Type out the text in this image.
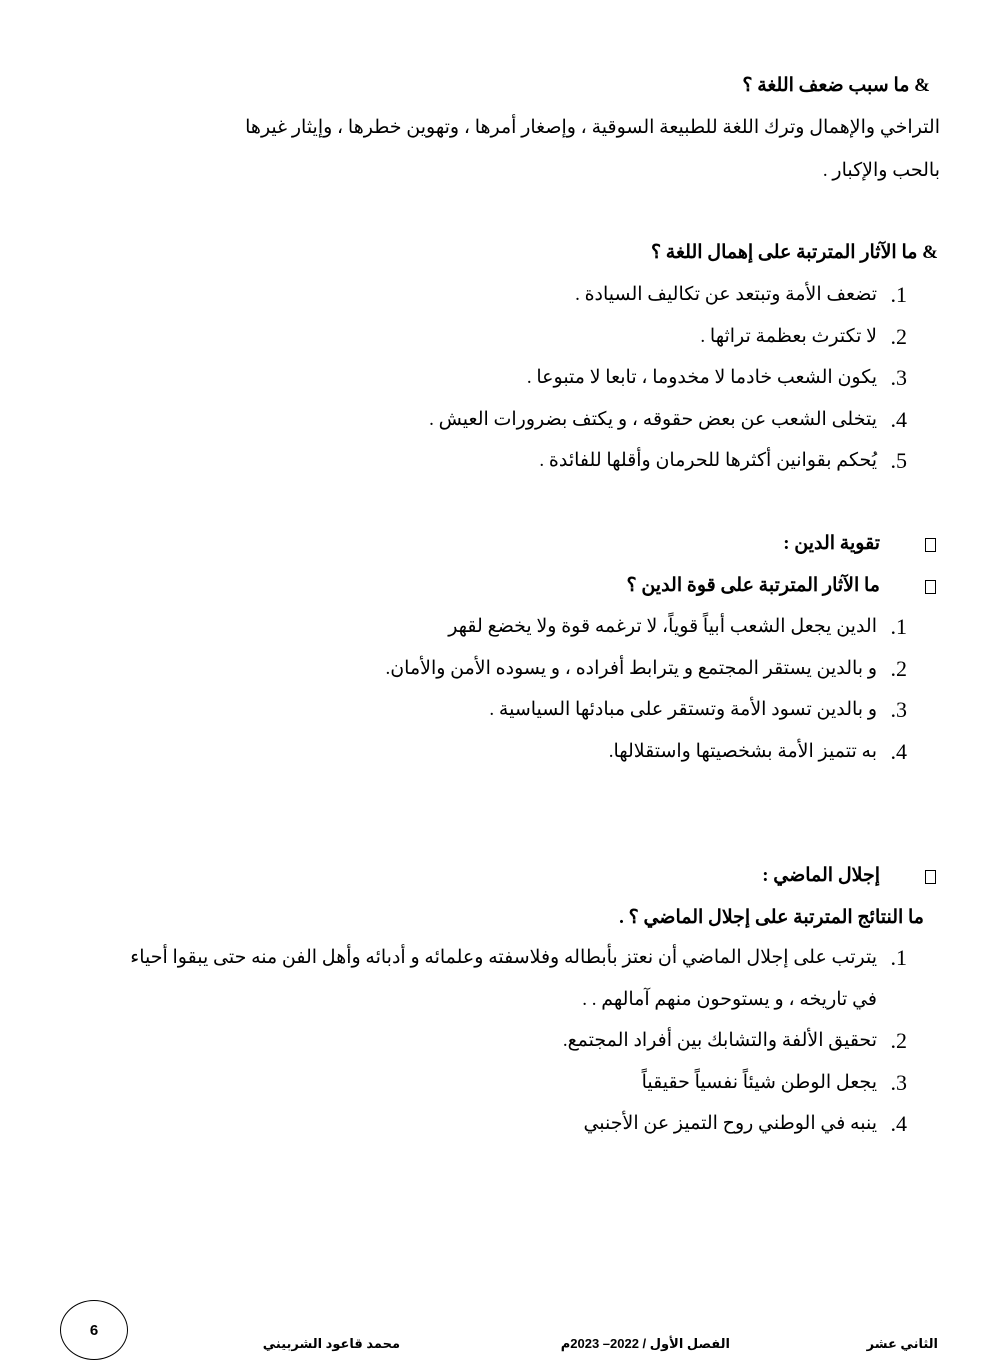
& ما سبب ضعف اللغة ؟
التراخي والإهمال وترك اللغة للطبيعة السوقية ، وإصغار أمرها ، وتهوين خطرها ، وإيثار غيرها
بالحب والإكبار .
& ما الآثار المترتبة على إهمال اللغة ؟
1.
تضعف الأمة وتبتعد عن تكاليف السيادة .
2.
لا تكترث بعظمة تراثها .
3.
يكون الشعب خادما لا مخدوما ، تابعا لا متبوعا .
4.
يتخلى الشعب عن بعض حقوقه ، و يكتف بضرورات العيش .
5.
يُحكم بقوانين أكثرها للحرمان وأقلها للفائدة .
تقوية الدين :
ما الآثار المترتبة على قوة الدين ؟
1.
الدين يجعل الشعب أبياً قوياً، لا ترغمه قوة ولا يخضع لقهر
2.
و بالدين يستقر المجتمع و يترابط أفراده ، و يسوده الأمن والأمان.
3.
و بالدين تسود الأمة وتستقر على مبادئها السياسية .
4.
به تتميز الأمة بشخصيتها واستقلالها.
إجلال الماضي :
ما النتائج المترتبة على إجلال الماضي ؟ .
1.
يترتب على إجلال الماضي أن نعتز بأبطاله وفلاسفته وعلمائه و أدبائه وأهل الفن منه حتى يبقوا أحياء
في تاريخه ، و يستوحون منهم آمالهم . .
2.
تحقيق الألفة والتشابك بين أفراد المجتمع.
3.
يجعل الوطن شيئاً نفسياً حقيقياً
4.
ينبه في الوطني روح التميز عن الأجنبي
6
الثاني عشر
الفصل الأول / 2022– 2023م
محمد قاعود الشربيني
